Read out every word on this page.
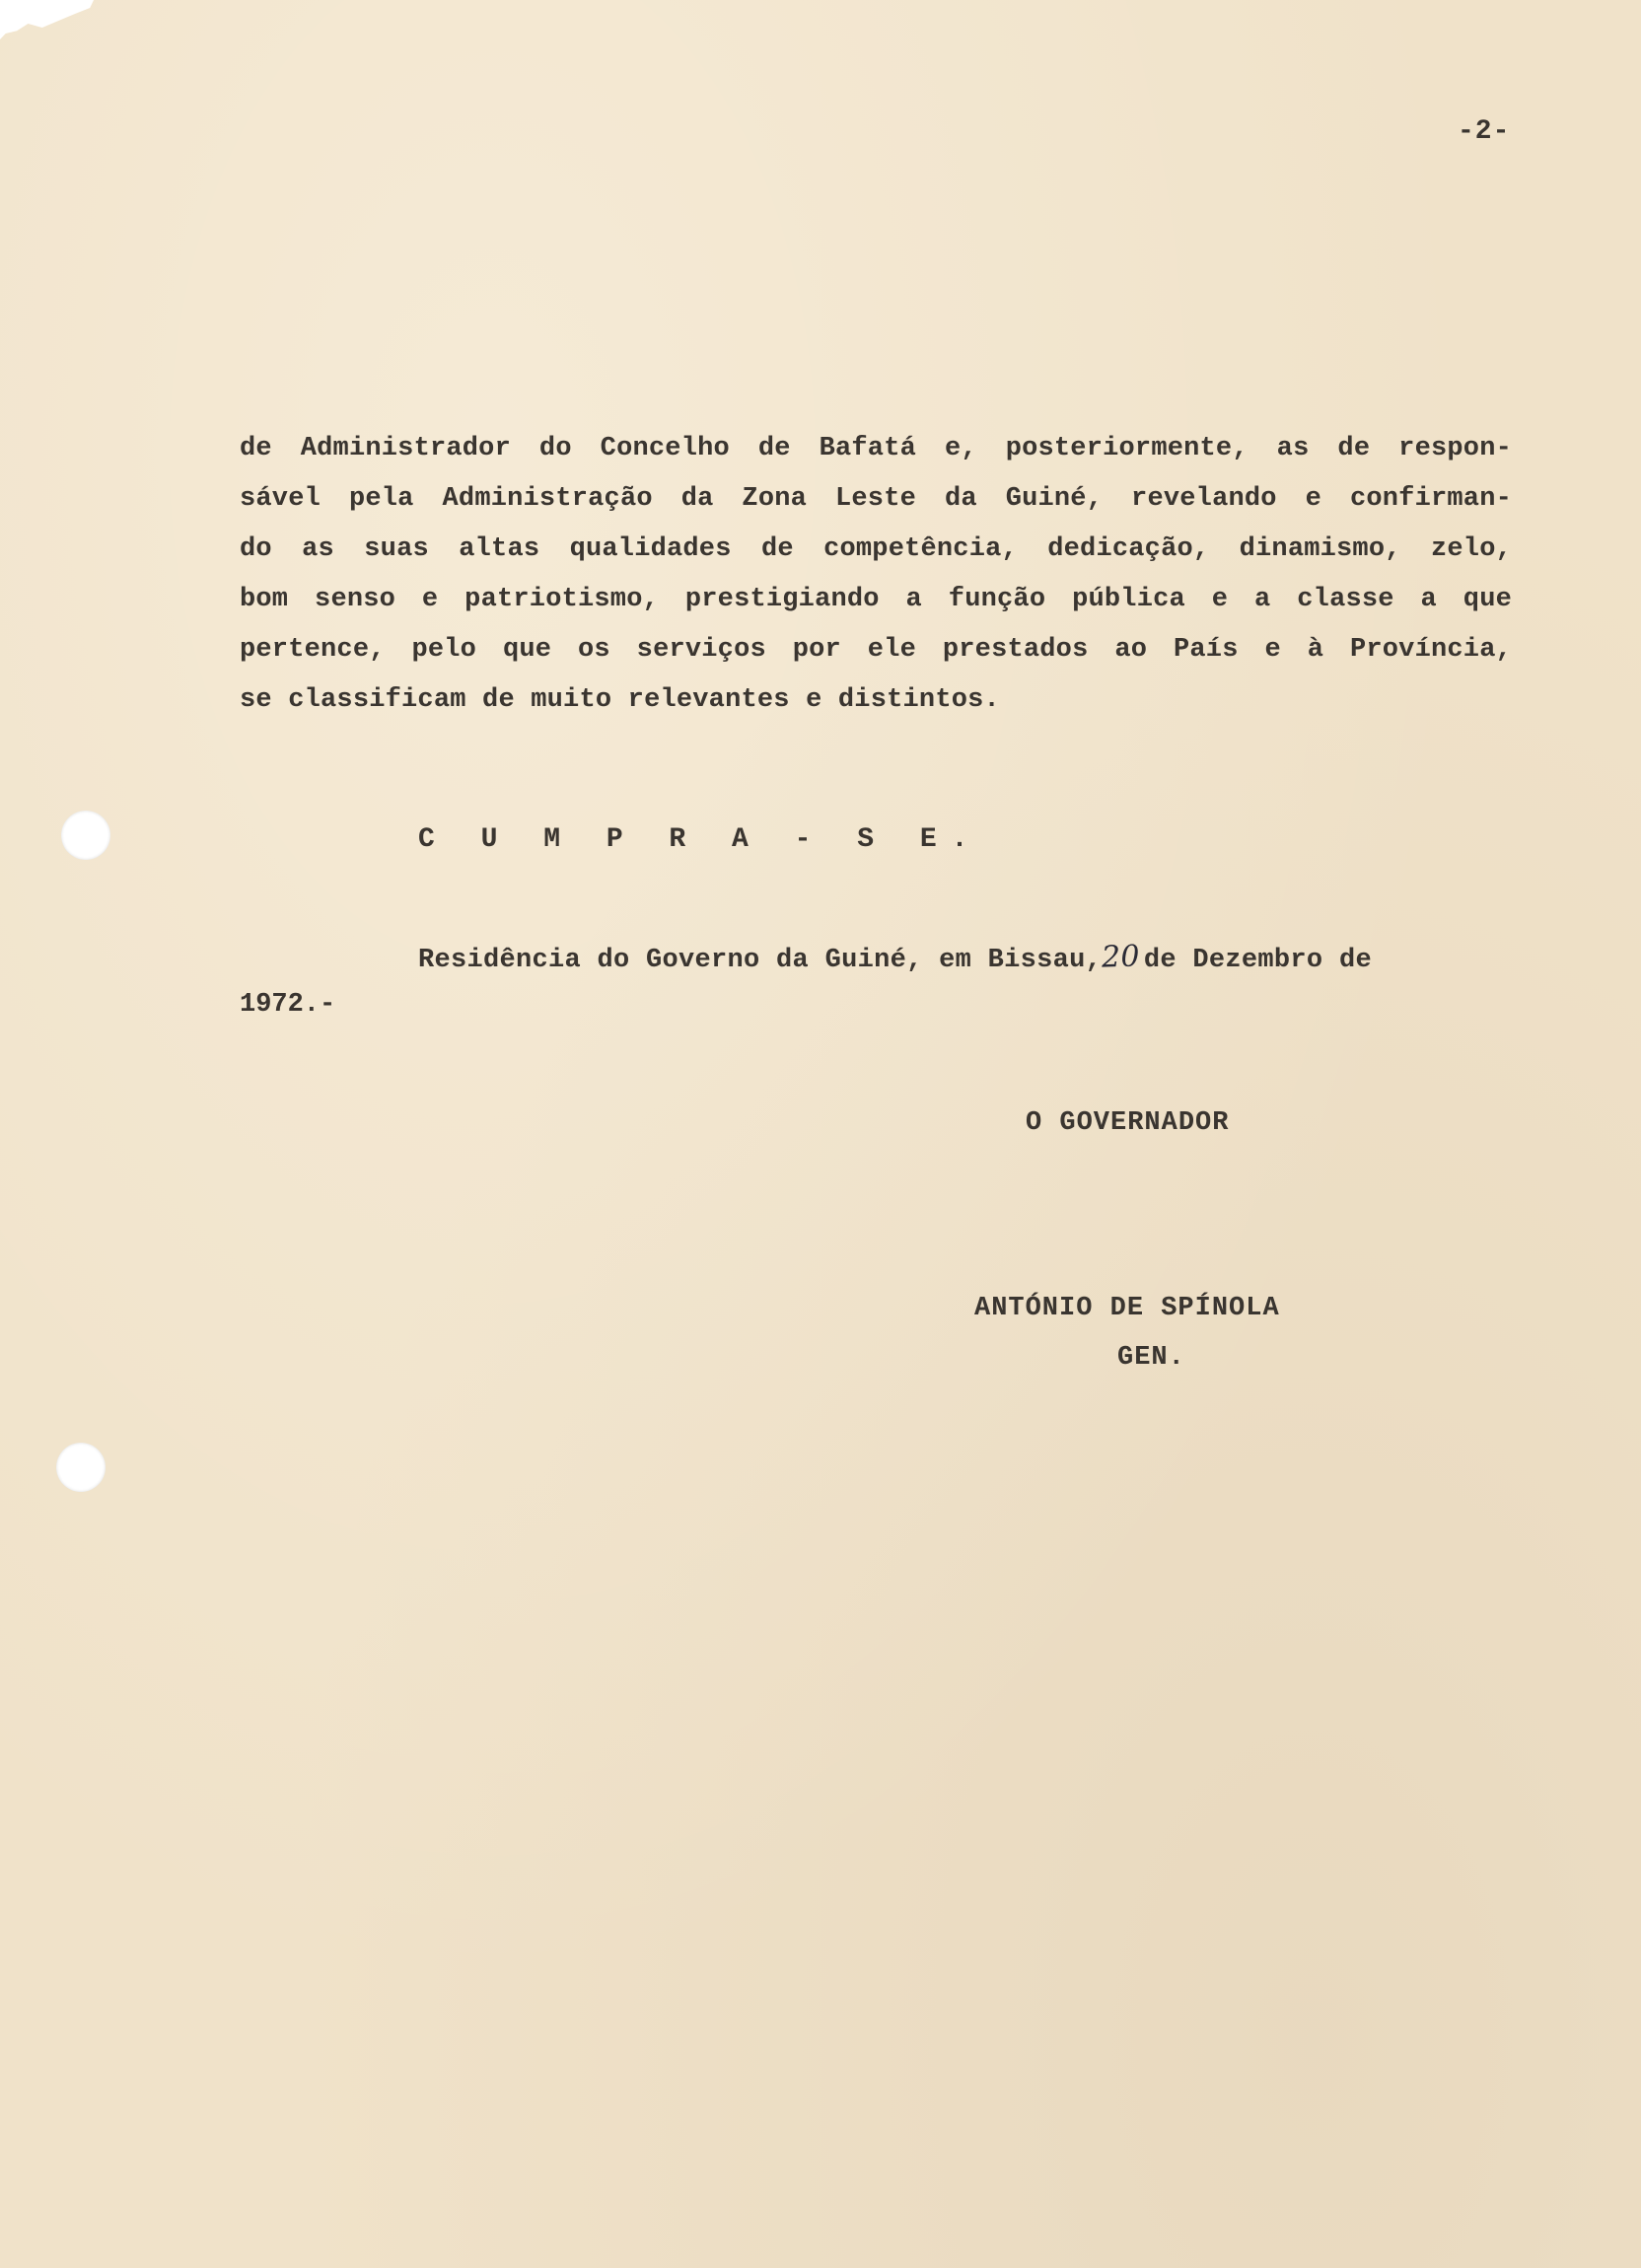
-2-
de Administrador do Concelho de Bafatá e, posteriormente, as de respon-
sável pela Administração da Zona Leste da Guiné, revelando e confirman-
do as suas altas qualidades de competência, dedicação, dinamismo, zelo,
bom senso e patriotismo, prestigiando a função pública e a classe a que
pertence, pelo que os serviços por ele prestados ao País e à Província,
se classificam de muito relevantes e distintos.
C U M P R A - S E.
Residência do Governo da Guiné, em Bissau,20 de Dezembro de
1972.-
O GOVERNADOR
ANTÓNIO DE SPÍNOLA
GEN.
